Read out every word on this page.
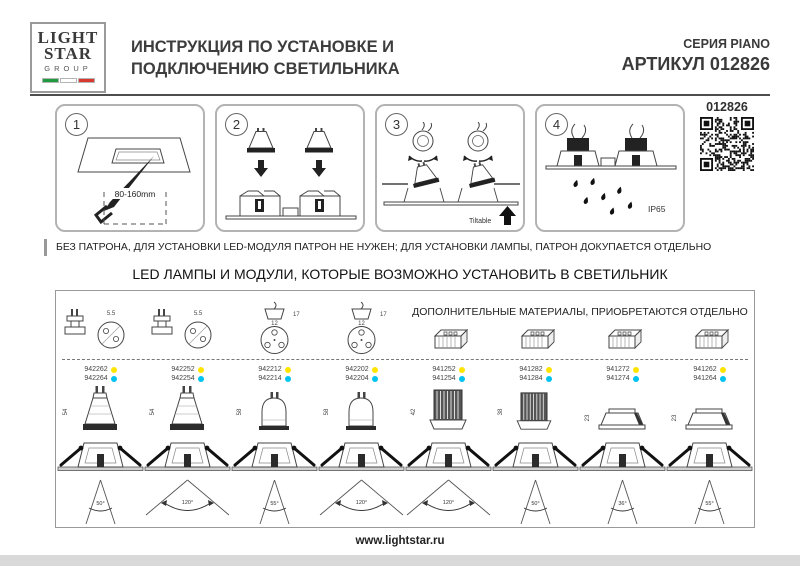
LIGHT
STAR
GROUP
ИНСТРУКЦИЯ ПО УСТАНОВКЕ И
ПОДКЛЮЧЕНИЮ СВЕТИЛЬНИКА
СЕРИЯ PIANO
АРТИКУЛ 012826
1
80-160mm
2	3
Tiltable
4
IP65
012826
БЕЗ ПАТРОНА, ДЛЯ УСТАНОВКИ LED-МОДУЛЯ ПАТРОН НЕ НУЖЕН; ДЛЯ УСТАНОВКИ ЛАМПЫ, ПАТРОН ДОКУПАЕТСЯ ОТДЕЛЬНО
LED ЛАМПЫ И МОДУЛИ, КОТОРЫЕ ВОЗМОЖНО УСТАНОВИТЬ В СВЕТИЛЬНИК
ДОПОЛНИТЕЛЬНЫЕ МАТЕРИАЛЫ, ПРИОБРЕТАЮТСЯ ОТДЕЛЬНО
5.5
942262
942264
54
50°
5.5
942252
942254
54
120°
17
12
942212
942214
58
55°
17
12
942202
942204
58
120°
941252
941254
42
120°
941282
941284
38
50°
941272
941274
23
36°
941262
941264
23
55°
www.lightstar.ru
